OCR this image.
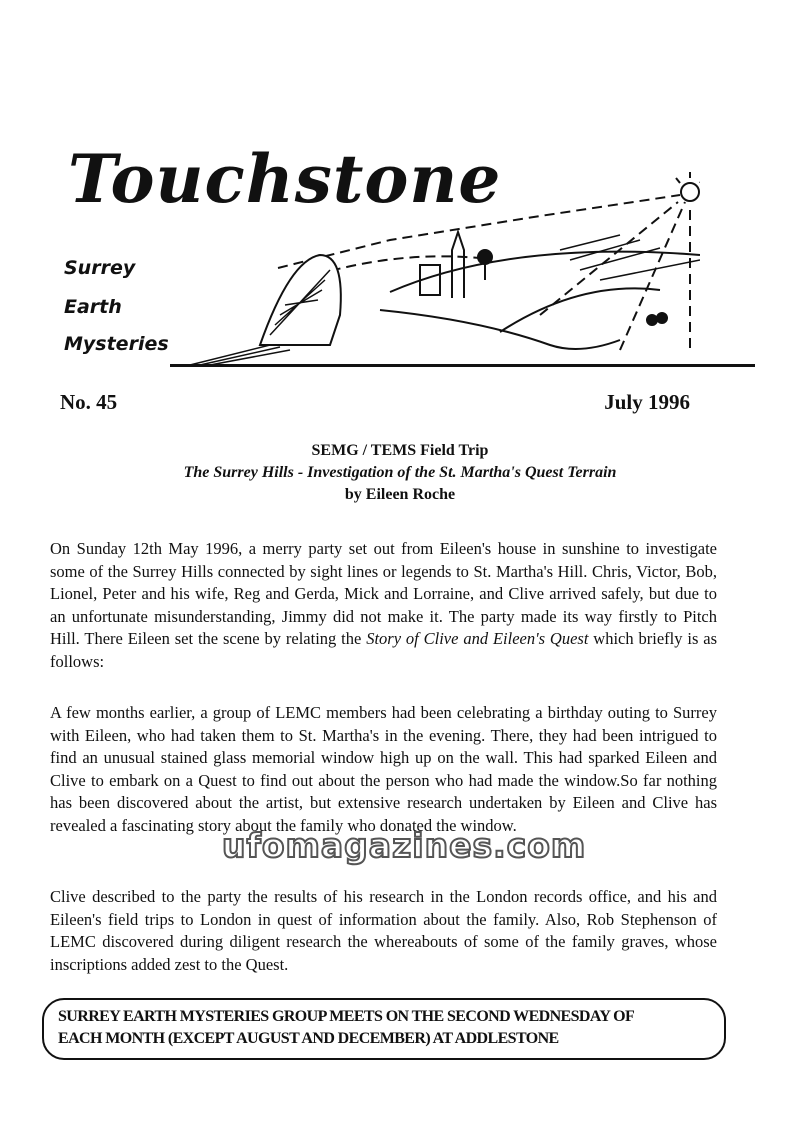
Touchstone
Surrey
Earth
Mysteries
No. 45	July 1996
SEMG / TEMS Field Trip
The Surrey Hills - Investigation of the St. Martha's Quest Terrain
by Eileen Roche

On Sunday 12th May 1996, a merry party set out from Eileen's house in sunshine to investigate some of the Surrey Hills connected by sight lines or legends to St. Martha's Hill. Chris, Victor, Bob, Lionel, Peter and his wife, Reg and Gerda, Mick and Lorraine, and Clive arrived safely, but due to an unfortunate misunderstanding, Jimmy did not make it. The party made its way firstly to Pitch Hill. There Eileen set the scene by relating the Story of Clive and Eileen's Quest which briefly is as follows:

A few months earlier, a group of LEMC members had been celebrating a birthday outing to Surrey with Eileen, who had taken them to St. Martha's in the evening. There, they had been intrigued to find an unusual stained glass memorial window high up on the wall. This had sparked Eileen and Clive to embark on a Quest to find out about the person who had made the window.So far nothing has been discovered about the artist, but extensive research undertaken by Eileen and Clive has revealed a fascinating story about the family who donated the window.

ufomagazines.com

Clive described to the party the results of his research in the London records office, and his and Eileen's field trips to London in quest of information about the family. Also, Rob Stephenson of LEMC discovered during diligent research the whereabouts of some of the family graves, whose inscriptions added zest to the Quest.

SURREY EARTH MYSTERIES GROUP MEETS ON THE SECOND WEDNESDAY OF
EACH MONTH (EXCEPT AUGUST AND DECEMBER) AT ADDLESTONE
